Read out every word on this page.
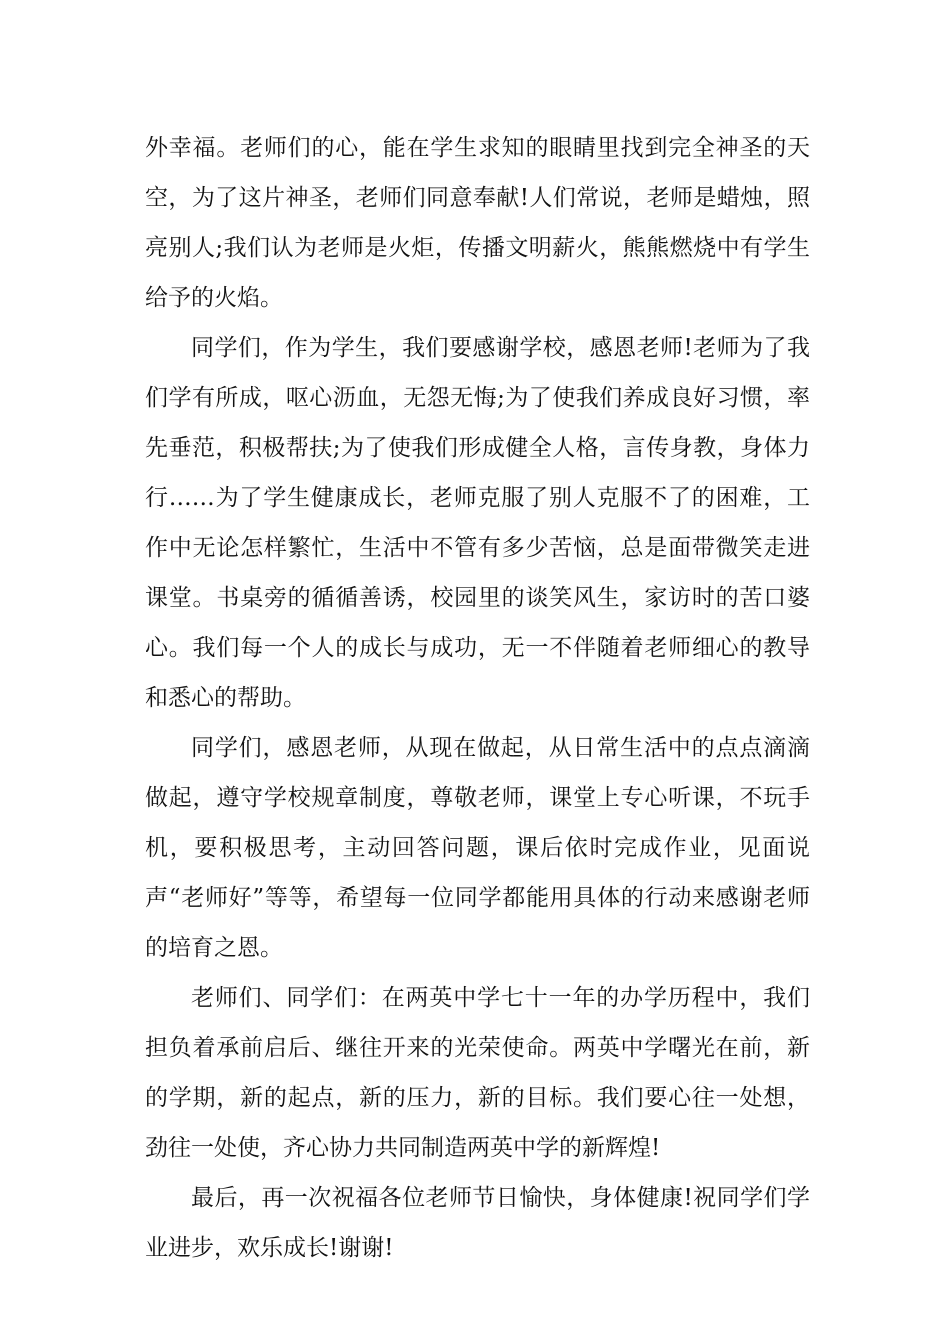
外幸福。老师们的心，能在学生求知的眼睛里找到完全神圣的天空，为了这片神圣，老师们同意奉献!人们常说，老师是蜡烛，照亮别人;我们认为老师是火炬，传播文明薪火，熊熊燃烧中有学生给予的火焰。

同学们，作为学生，我们要感谢学校，感恩老师!老师为了我们学有所成，呕心沥血，无怨无悔;为了使我们养成良好习惯，率先垂范，积极帮扶;为了使我们形成健全人格，言传身教，身体力行……为了学生健康成长，老师克服了别人克服不了的困难，工作中无论怎样繁忙，生活中不管有多少苦恼，总是面带微笑走进课堂。书桌旁的循循善诱，校园里的谈笑风生，家访时的苦口婆心。我们每一个人的成长与成功，无一不伴随着老师细心的教导和悉心的帮助。

同学们，感恩老师，从现在做起，从日常生活中的点点滴滴做起，遵守学校规章制度，尊敬老师，课堂上专心听课，不玩手机，要积极思考，主动回答问题，课后依时完成作业，见面说声“老师好”等等，希望每一位同学都能用具体的行动来感谢老师的培育之恩。

老师们、同学们：在两英中学七十一年的办学历程中，我们担负着承前启后、继往开来的光荣使命。两英中学曙光在前，新的学期，新的起点，新的压力，新的目标。我们要心往一处想，劲往一处使，齐心协力共同制造两英中学的新辉煌!

最后，再一次祝福各位老师节日愉快，身体健康!祝同学们学业进步，欢乐成长!谢谢!
